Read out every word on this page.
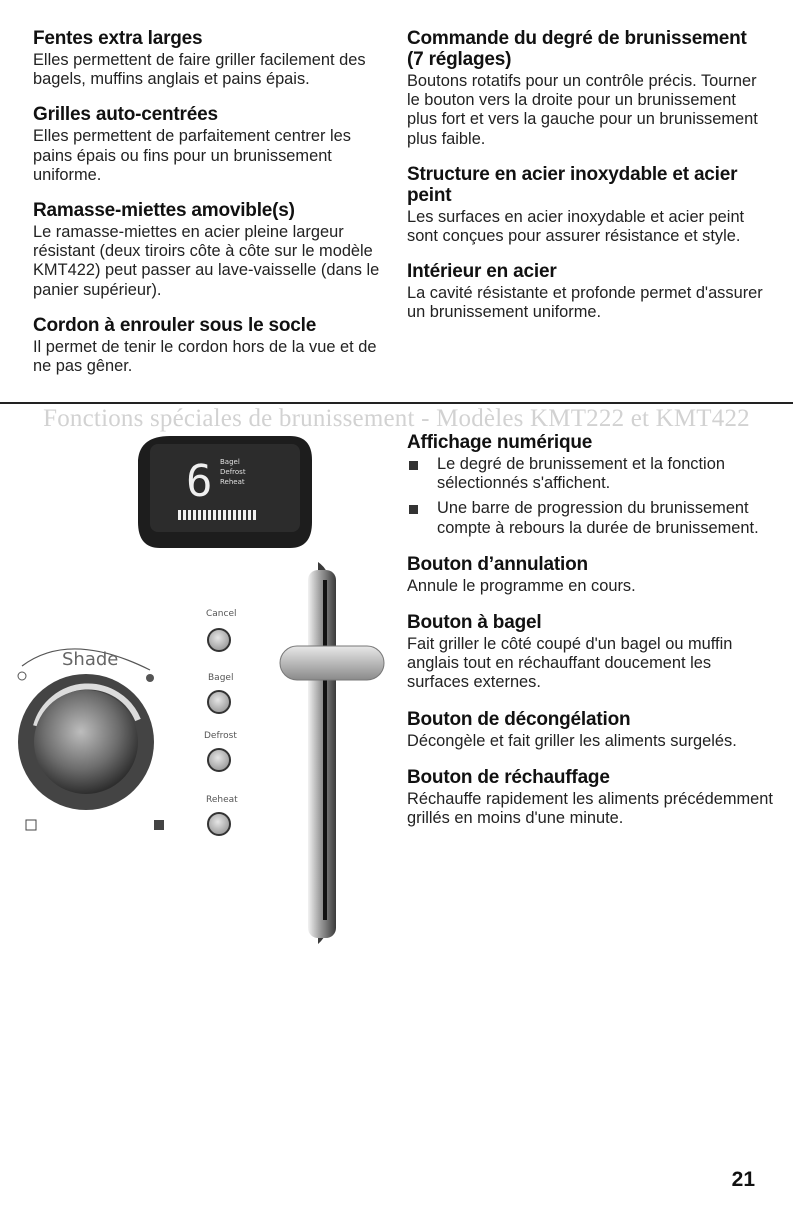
Fentes extra larges

Elles permettent de faire griller facilement des bagels, muffins anglais et pains épais.

Grilles auto-centrées

Elles permettent de parfaitement centrer les pains épais ou fins pour un brunissement uniforme.

Ramasse-miettes amovible(s)

Le ramasse-miettes en acier pleine largeur résistant (deux tiroirs côte à côte sur le modèle KMT422) peut passer au lave-vaisselle (dans le panier supérieur).

Cordon à enrouler sous le socle

Il permet de tenir le cordon hors de la vue et de ne pas gêner.

Commande du degré de brunissement (7 réglages)

Boutons rotatifs pour un contrôle précis. Tourner le bouton vers la droite pour un brunissement plus fort et vers la gauche pour un brunissement plus faible.

Structure en acier inoxydable et acier peint

Les surfaces en acier inoxydable et acier peint sont conçues pour assurer résistance et style.

Intérieur en acier

La cavité résistante et profonde permet d'assurer un brunissement uniforme.

Fonctions spéciales de brunissement - Modèles KMT222 et KMT422
6 Bagel
Defrost
Reheat
Shade
Cancel
Bagel
Defrost
Reheat
Affichage numérique
Le degré de brunissement et la fonction sélectionnés s'affichent.
Une barre de progression du brunissement compte à rebours la durée de brunissement.
Bouton d’annulation

Annule le programme en cours.

Bouton à bagel

Fait griller le côté coupé d'un bagel ou muffin anglais tout en réchauffant doucement les surfaces externes.

Bouton de décongélation

Décongèle et fait griller les aliments surgelés.

Bouton de réchauffage

Réchauffe rapidement les aliments précédemment grillés en moins d'une minute.

21
